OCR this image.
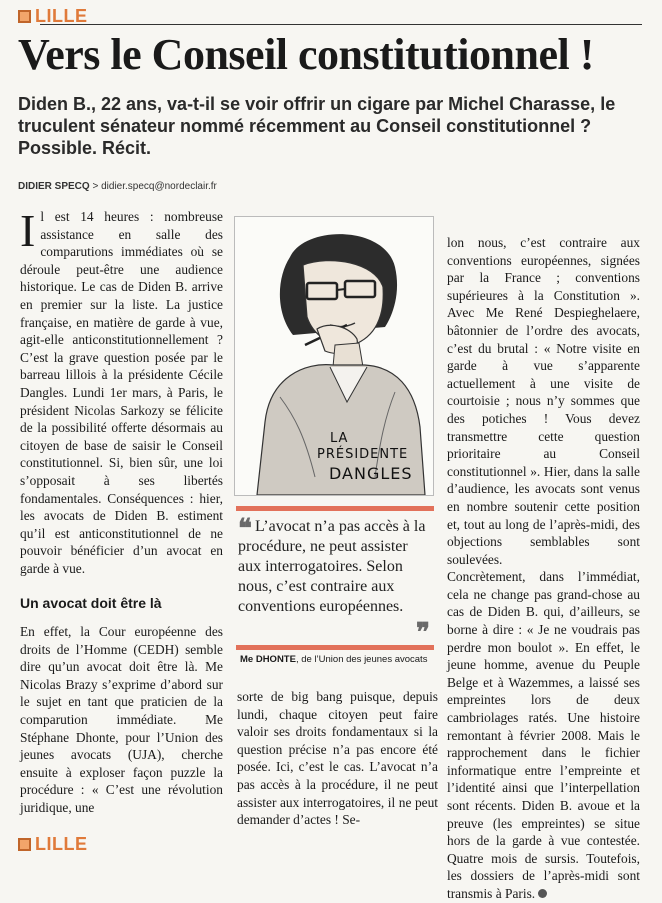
LILLE
Vers le Conseil constitutionnel !
Diden B., 22 ans, va-t-il se voir offrir un cigare par Michel Charasse, le truculent sénateur nommé récemment au Conseil constitutionnel ? Possible. Récit.
DIDIER SPECQ > didier.specq@nordeclair.fr

Il est 14 heures : nombreuse assistance en salle des comparutions immédiates où se déroule peut-être une audience historique. Le cas de Diden B. arrive en premier sur la liste. La justice française, en matière de garde à vue, agit-elle anticonstitutionnellement ? C’est la grave question posée par le barreau lillois à la présidente Cécile Dangles. Lundi 1er mars, à Paris, le président Nicolas Sarkozy se félicite de la possibilité offerte désormais au citoyen de base de saisir le Conseil constitutionnel. Si, bien sûr, une loi s’opposait à ses libertés fondamentales. Conséquences : hier, les avocats de Diden B. estiment qu’il est anticonstitutionnel de ne pouvoir bénéficier d’un avocat en garde à vue.

Un avocat doit être là

En effet, la Cour européenne des droits de l’Homme (CEDH) semble dire qu’un avocat doit être là. Me Nicolas Brazy s’exprime d’abord sur le sujet en tant que praticien de la comparution immédiate. Me Stéphane Dhonte, pour l’Union des jeunes avocats (UJA), cherche ensuite à exploser façon puzzle la procédure : « C’est une révolution juridique, une

LA
PRÉSIDENTE
DANGLES
❝ L’avocat n’a pas accès à la procédure, ne peut assister aux interrogatoires. Selon nous, c’est contraire aux conventions européennes.
❞
Me DHONTE, de l’Union des jeunes avocats

sorte de big bang puisque, depuis lundi, chaque citoyen peut faire valoir ses droits fondamentaux si la question précise n’a pas encore été posée. Ici, c’est le cas. L’avocat n’a pas accès à la procédure, il ne peut assister aux interrogatoires, il ne peut demander d’actes ! Se-

lon nous, c’est contraire aux conventions européennes, signées par la France ; conventions supérieures à la Constitution ». Avec Me René Despieghelaere, bâtonnier de l’ordre des avocats, c’est du brutal : « Notre visite en garde à vue s’apparente actuellement à une visite de courtoisie ; nous n’y sommes que des potiches ! Vous devez transmettre cette question prioritaire au Conseil constitutionnel ». Hier, dans la salle d’audience, les avocats sont venus en nombre soutenir cette position et, tout au long de l’après-midi, des objections semblables sont soulevées.

Concrètement, dans l’immédiat, cela ne change pas grand-chose au cas de Diden B. qui, d’ailleurs, se borne à dire : « Je ne voudrais pas perdre mon boulot ». En effet, le jeune homme, avenue du Peuple Belge et à Wazemmes, a laissé ses empreintes lors de deux cambriolages ratés. Une histoire remontant à février 2008. Mais le rapprochement dans le fichier informatique entre l’empreinte et l’identité ainsi que l’interpellation sont récents. Diden B. avoue et la preuve (les empreintes) se situe hors de la garde à vue contestée. Quatre mois de sursis. Toutefois, les dossiers de l’après-midi sont transmis à Paris.

LILLE
